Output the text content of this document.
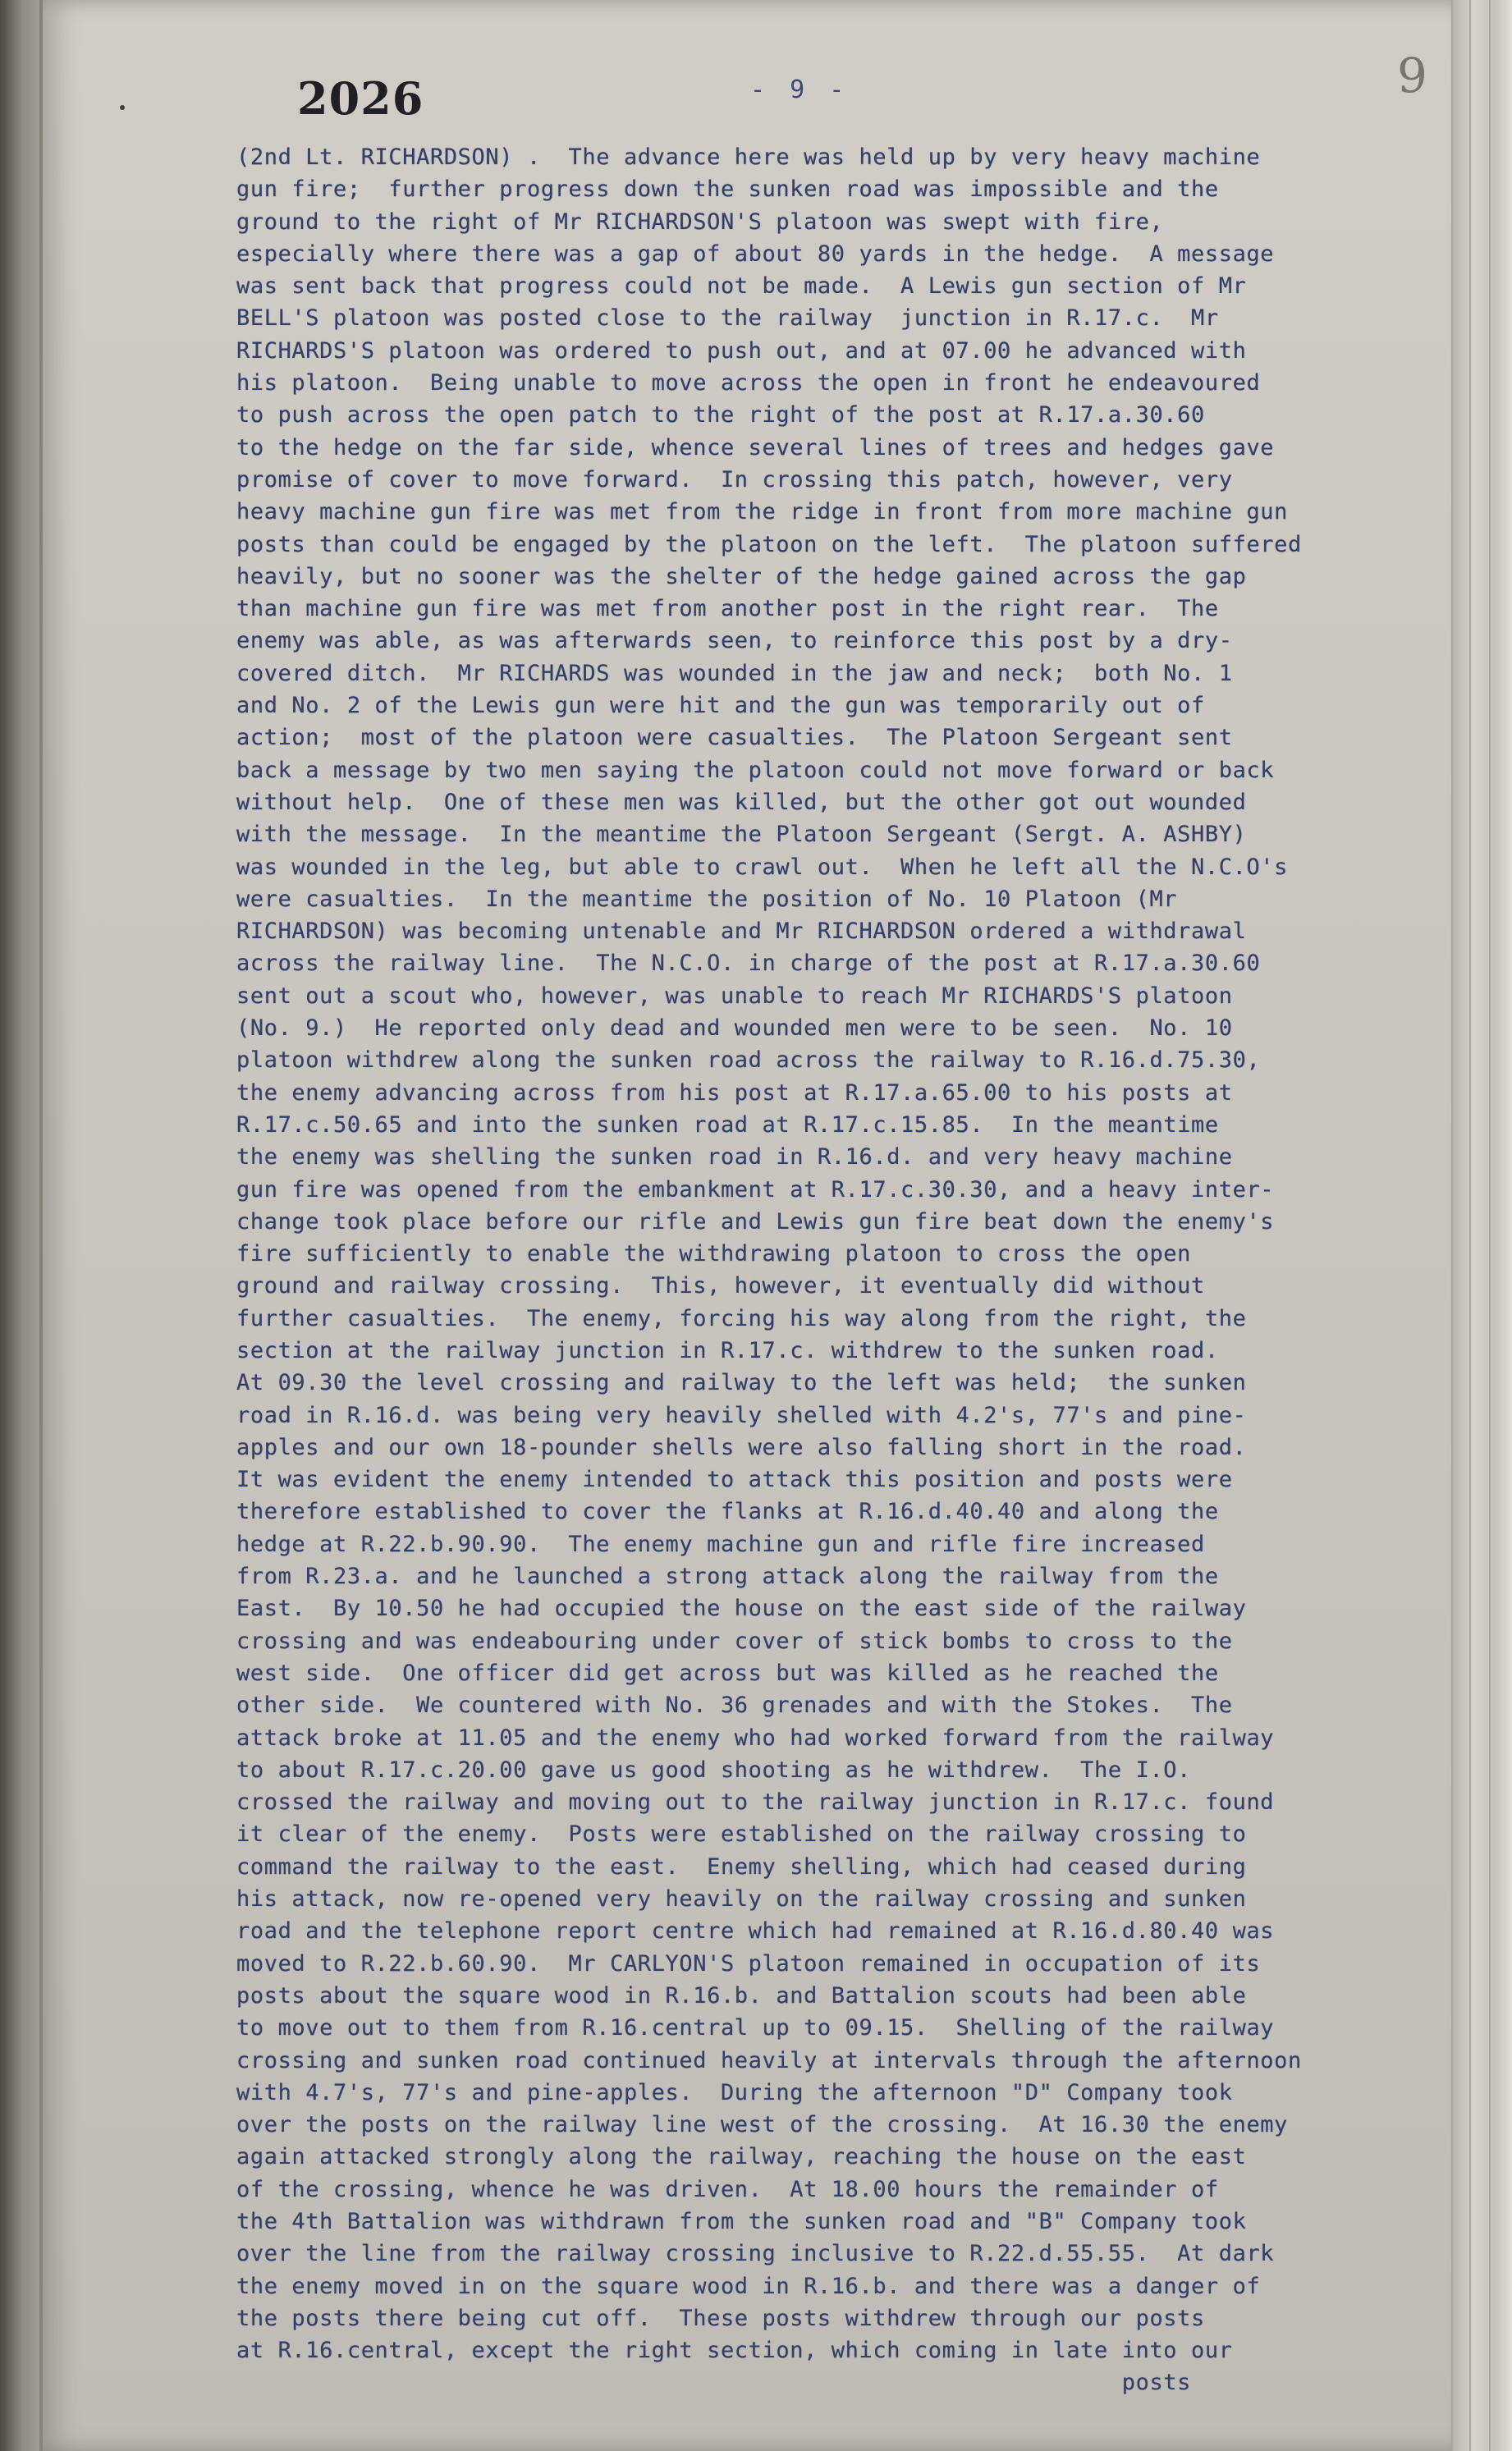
2026	- 9 -	9
(2nd Lt. RICHARDSON) .  The advance here was held up by very heavy machine
gun fire;  further progress down the sunken road was impossible and the
ground to the right of Mr RICHARDSON'S platoon was swept with fire,
especially where there was a gap of about 80 yards in the hedge.  A message
was sent back that progress could not be made.  A Lewis gun section of Mr
BELL'S platoon was posted close to the railway  junction in R.17.c.  Mr
RICHARDS'S platoon was ordered to push out, and at 07.00 he advanced with
his platoon.  Being unable to move across the open in front he endeavoured
to push across the open patch to the right of the post at R.17.a.30.60
to the hedge on the far side, whence several lines of trees and hedges gave
promise of cover to move forward.  In crossing this patch, however, very
heavy machine gun fire was met from the ridge in front from more machine gun
posts than could be engaged by the platoon on the left.  The platoon suffered
heavily, but no sooner was the shelter of the hedge gained across the gap
than machine gun fire was met from another post in the right rear.  The
enemy was able, as was afterwards seen, to reinforce this post by a dry-
covered ditch.  Mr RICHARDS was wounded in the jaw and neck;  both No. 1
and No. 2 of the Lewis gun were hit and the gun was temporarily out of
action;  most of the platoon were casualties.  The Platoon Sergeant sent
back a message by two men saying the platoon could not move forward or back
without help.  One of these men was killed, but the other got out wounded
with the message.  In the meantime the Platoon Sergeant (Sergt. A. ASHBY)
was wounded in the leg, but able to crawl out.  When he left all the N.C.O's
were casualties.  In the meantime the position of No. 10 Platoon (Mr
RICHARDSON) was becoming untenable and Mr RICHARDSON ordered a withdrawal
across the railway line.  The N.C.O. in charge of the post at R.17.a.30.60
sent out a scout who, however, was unable to reach Mr RICHARDS'S platoon
(No. 9.)  He reported only dead and wounded men were to be seen.  No. 10
platoon withdrew along the sunken road across the railway to R.16.d.75.30,
the enemy advancing across from his post at R.17.a.65.00 to his posts at
R.17.c.50.65 and into the sunken road at R.17.c.15.85.  In the meantime
the enemy was shelling the sunken road in R.16.d. and very heavy machine
gun fire was opened from the embankment at R.17.c.30.30, and a heavy inter-
change took place before our rifle and Lewis gun fire beat down the enemy's
fire sufficiently to enable the withdrawing platoon to cross the open
ground and railway crossing.  This, however, it eventually did without
further casualties.  The enemy, forcing his way along from the right, the
section at the railway junction in R.17.c. withdrew to the sunken road.
At 09.30 the level crossing and railway to the left was held;  the sunken
road in R.16.d. was being very heavily shelled with 4.2's, 77's and pine-
apples and our own 18-pounder shells were also falling short in the road.
It was evident the enemy intended to attack this position and posts were
therefore established to cover the flanks at R.16.d.40.40 and along the
hedge at R.22.b.90.90.  The enemy machine gun and rifle fire increased
from R.23.a. and he launched a strong attack along the railway from the
East.  By 10.50 he had occupied the house on the east side of the railway
crossing and was endeabouring under cover of stick bombs to cross to the
west side.  One officer did get across but was killed as he reached the
other side.  We countered with No. 36 grenades and with the Stokes.  The
attack broke at 11.05 and the enemy who had worked forward from the railway
to about R.17.c.20.00 gave us good shooting as he withdrew.  The I.O.
crossed the railway and moving out to the railway junction in R.17.c. found
it clear of the enemy.  Posts were established on the railway crossing to
command the railway to the east.  Enemy shelling, which had ceased during
his attack, now re-opened very heavily on the railway crossing and sunken
road and the telephone report centre which had remained at R.16.d.80.40 was
moved to R.22.b.60.90.  Mr CARLYON'S platoon remained in occupation of its
posts about the square wood in R.16.b. and Battalion scouts had been able
to move out to them from R.16.central up to 09.15.  Shelling of the railway
crossing and sunken road continued heavily at intervals through the afternoon
with 4.7's, 77's and pine-apples.  During the afternoon "D" Company took
over the posts on the railway line west of the crossing.  At 16.30 the enemy
again attacked strongly along the railway, reaching the house on the east
of the crossing, whence he was driven.  At 18.00 hours the remainder of
the 4th Battalion was withdrawn from the sunken road and "B" Company took
over the line from the railway crossing inclusive to R.22.d.55.55.  At dark
the enemy moved in on the square wood in R.16.b. and there was a danger of
the posts there being cut off.  These posts withdrew through our posts
at R.16.central, except the right section, which coming in late into our
posts
